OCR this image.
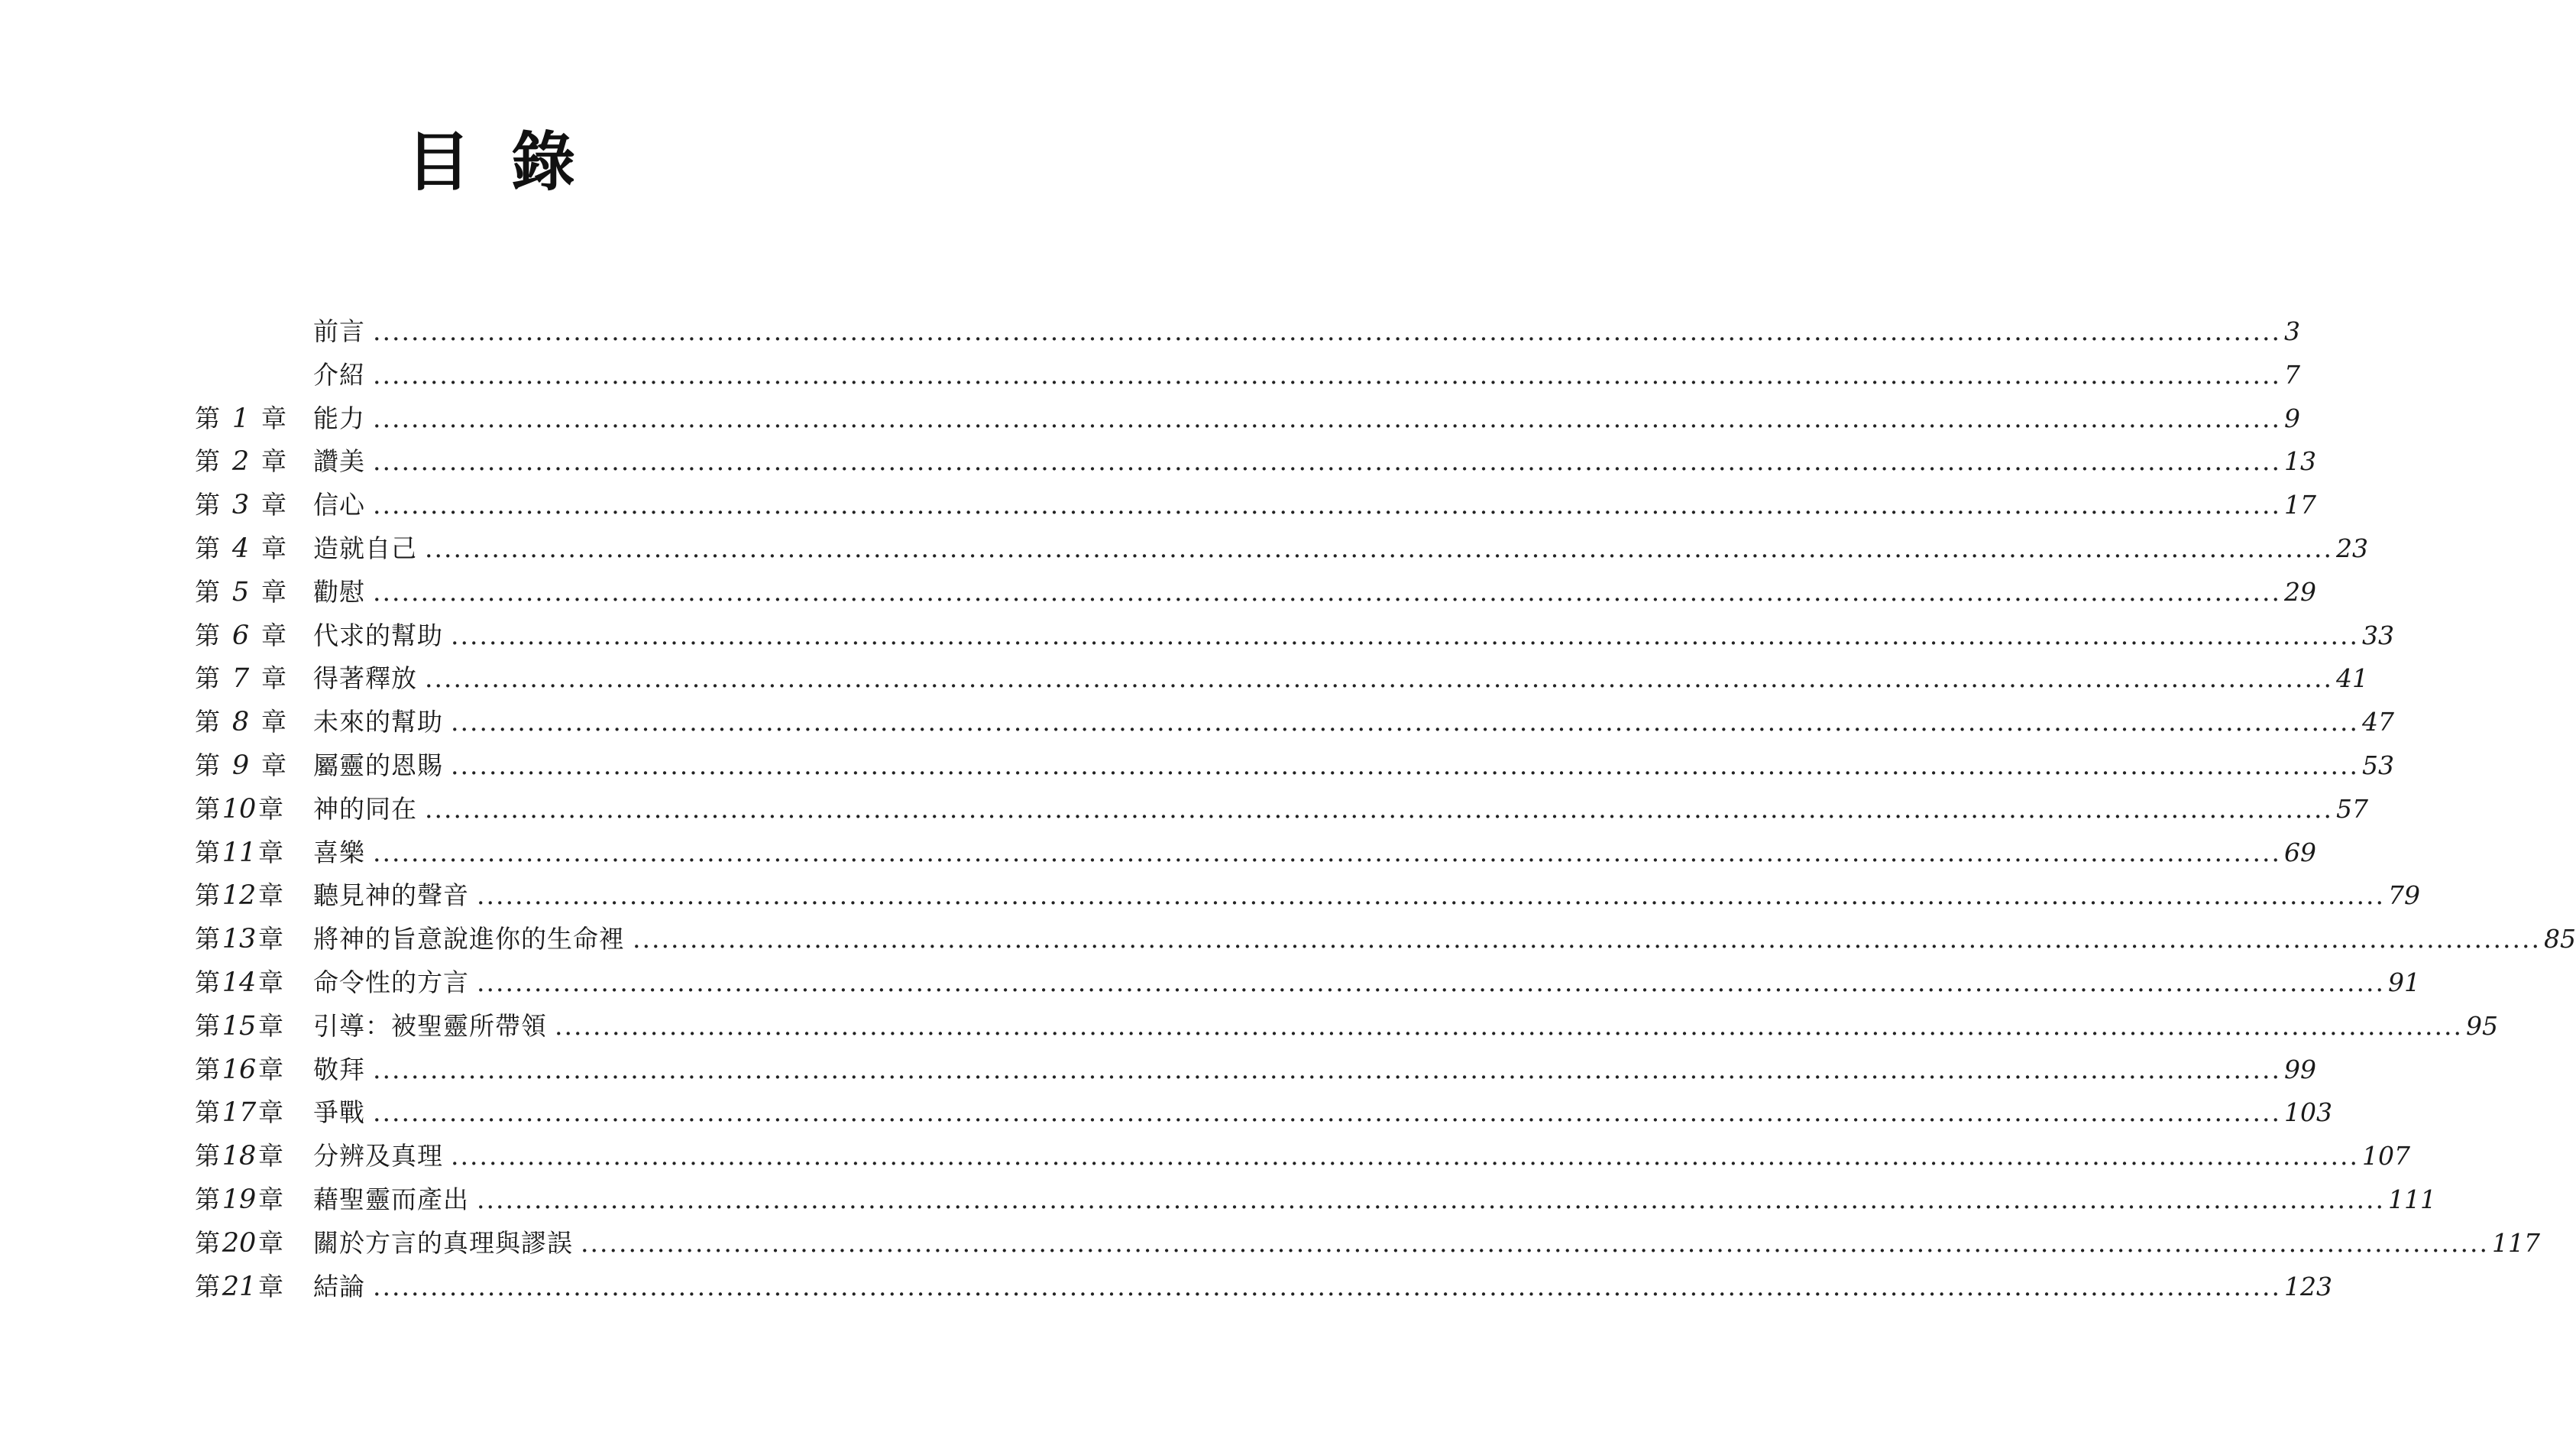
目 錄
前言 ........................................................................................................................................................................................................ 3
介紹 ........................................................................................................................................................................................................ 7
第 1 章 能力 ........................................................................................................................................................................................................ 9
第 2 章 讚美 ........................................................................................................................................................................................................ 13
第 3 章 信心 ........................................................................................................................................................................................................ 17
第 4 章 造就自己 ........................................................................................................................................................................................................ 23
第 5 章 勸慰 ........................................................................................................................................................................................................ 29
第 6 章 代求的幫助 ........................................................................................................................................................................................................ 33
第 7 章 得著釋放 ........................................................................................................................................................................................................ 41
第 8 章 未來的幫助 ........................................................................................................................................................................................................ 47
第 9 章 屬靈的恩賜 ........................................................................................................................................................................................................ 53
第 10 章 神的同在 ........................................................................................................................................................................................................ 57
第 11 章 喜樂 ........................................................................................................................................................................................................ 69
第 12 章 聽見神的聲音 ........................................................................................................................................................................................................ 79
第 13 章 將神的旨意說進你的生命裡 ........................................................................................................................................................................................................ 85
第 14 章 命令性的方言 ........................................................................................................................................................................................................ 91
第 15 章 引導：被聖靈所帶領 ........................................................................................................................................................................................................ 95
第 16 章 敬拜 ........................................................................................................................................................................................................ 99
第 17 章 爭戰 ........................................................................................................................................................................................................ 103
第 18 章 分辨及真理 ........................................................................................................................................................................................................ 107
第 19 章 藉聖靈而產出 ........................................................................................................................................................................................................ 111
第 20 章 關於方言的真理與謬誤 ........................................................................................................................................................................................................ 117
第 21 章 結論 ........................................................................................................................................................................................................ 123
